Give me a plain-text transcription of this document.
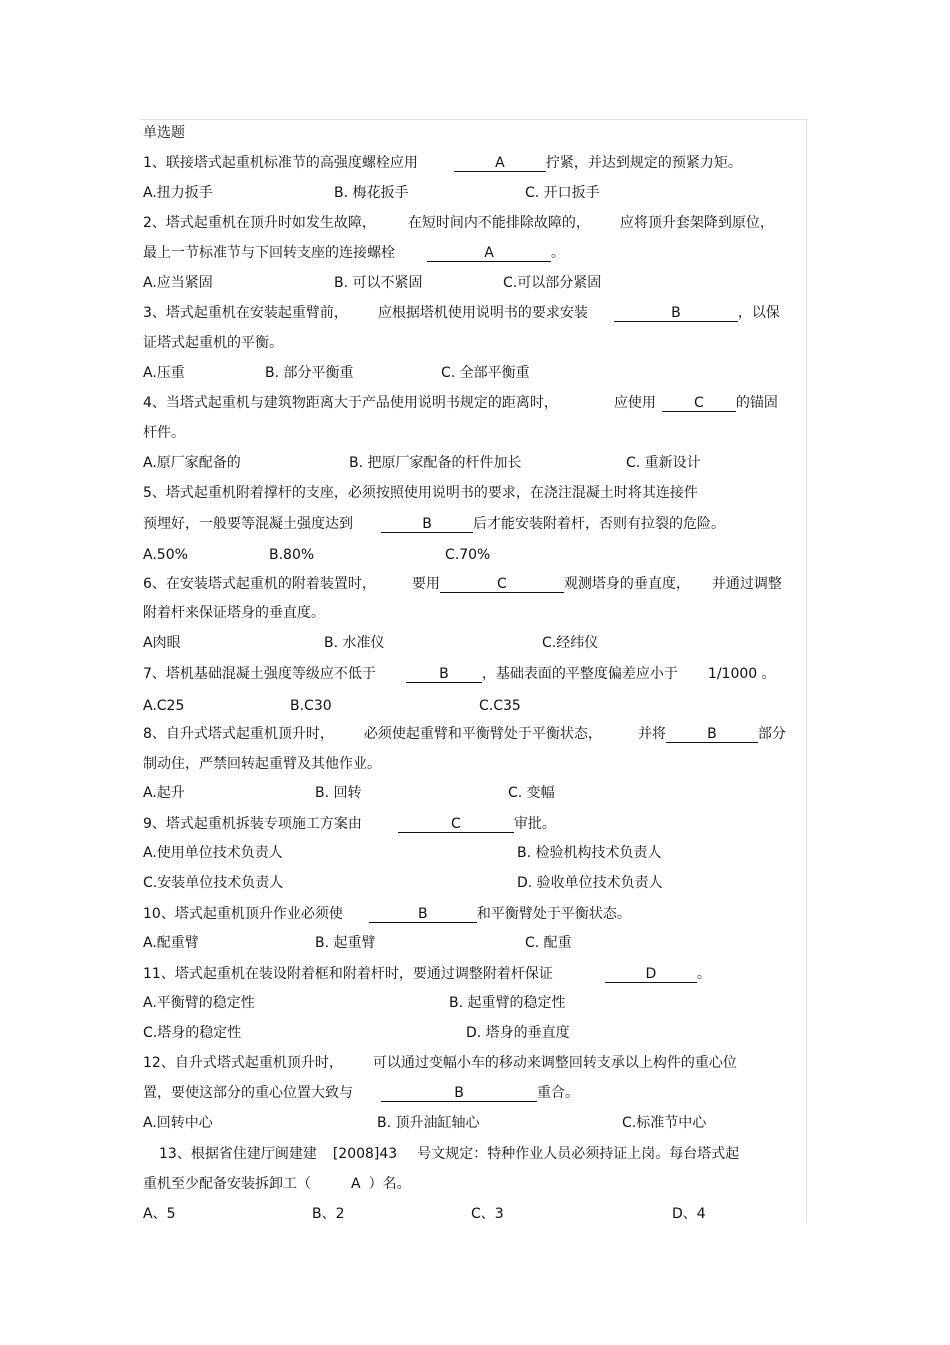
单选题
1、联接塔式起重机标准节的高强度螺栓应用	A	拧紧，并达到规定的预紧力矩。
A.扭力扳手	B. 梅花扳手	C. 开口扳手
2、塔式起重机在顶升时如发生故障， 在短时间内不能排除故障的， 应将顶升套架降到原位，
最上一节标准节与下回转支座的连接螺栓	A	。
A.应当紧固	B. 可以不紧固	C.可以部分紧固
3、塔式起重机在安装起重臂前， 应根据塔机使用说明书的要求安装	B	，以保
证塔式起重机的平衡。
A.压重	B. 部分平衡重	C. 全部平衡重
4、当塔式起重机与建筑物距离大于产品使用说明书规定的距离时，	应使用	C 的锚固
杆件。
A.原厂家配备的	B. 把原厂家配备的杆件加长	C. 重新设计
5、塔式起重机附着撑杆的支座，必须按照使用说明书的要求，在浇注混凝土时将其连接件
预埋好，一般要等混凝土强度达到	B	后才能安装附着杆，否则有拉裂的危险。
A.50%	B.80%	C.70%
6、在安装塔式起重机的附着装置时，	要用	C	观测塔身的垂直度， 并通过调整
附着杆来保证塔身的垂直度。
A肉眼	B. 水准仪	C.经纬仪
7、塔机基础混凝土强度等级应不低于	B ，基础表面的平整度偏差应小于 1/1000 。
A.C25	B.C30	C.C35
8、自升式塔式起重机顶升时， 必须使起重臂和平衡臂处于平衡状态，	并将	B	部分
制动住，严禁回转起重臂及其他作业。
A.起升	B. 回转	C. 变幅
9、塔式起重机拆装专项施工方案由	C	审批。
A.使用单位技术负责人	B. 检验机构技术负责人
C.安装单位技术负责人	D. 验收单位技术负责人
10、塔式起重机顶升作业必须使	B	和平衡臂处于平衡状态。
A.配重臂	B. 起重臂	C. 配重
11、塔式起重机在装设附着框和附着杆时，要通过调整附着杆保证	D	。
A.平衡臂的稳定性	B. 起重臂的稳定性
C.塔身的稳定性	D. 塔身的垂直度
12、自升式塔式起重机顶升时， 可以通过变幅小车的移动来调整回转支承以上构件的重心位
置，要使这部分的重心位置大致与	B	重合。
A.回转中心	B. 顶升油缸轴心	C.标准节中心
13、根据省住建厅闽建建 [2008]43 号文规定：特种作业人员必须持证上岗。每台塔式起
重机至少配备安装拆卸工（	A ）名。
A、5	B、2	C、3	D、4
